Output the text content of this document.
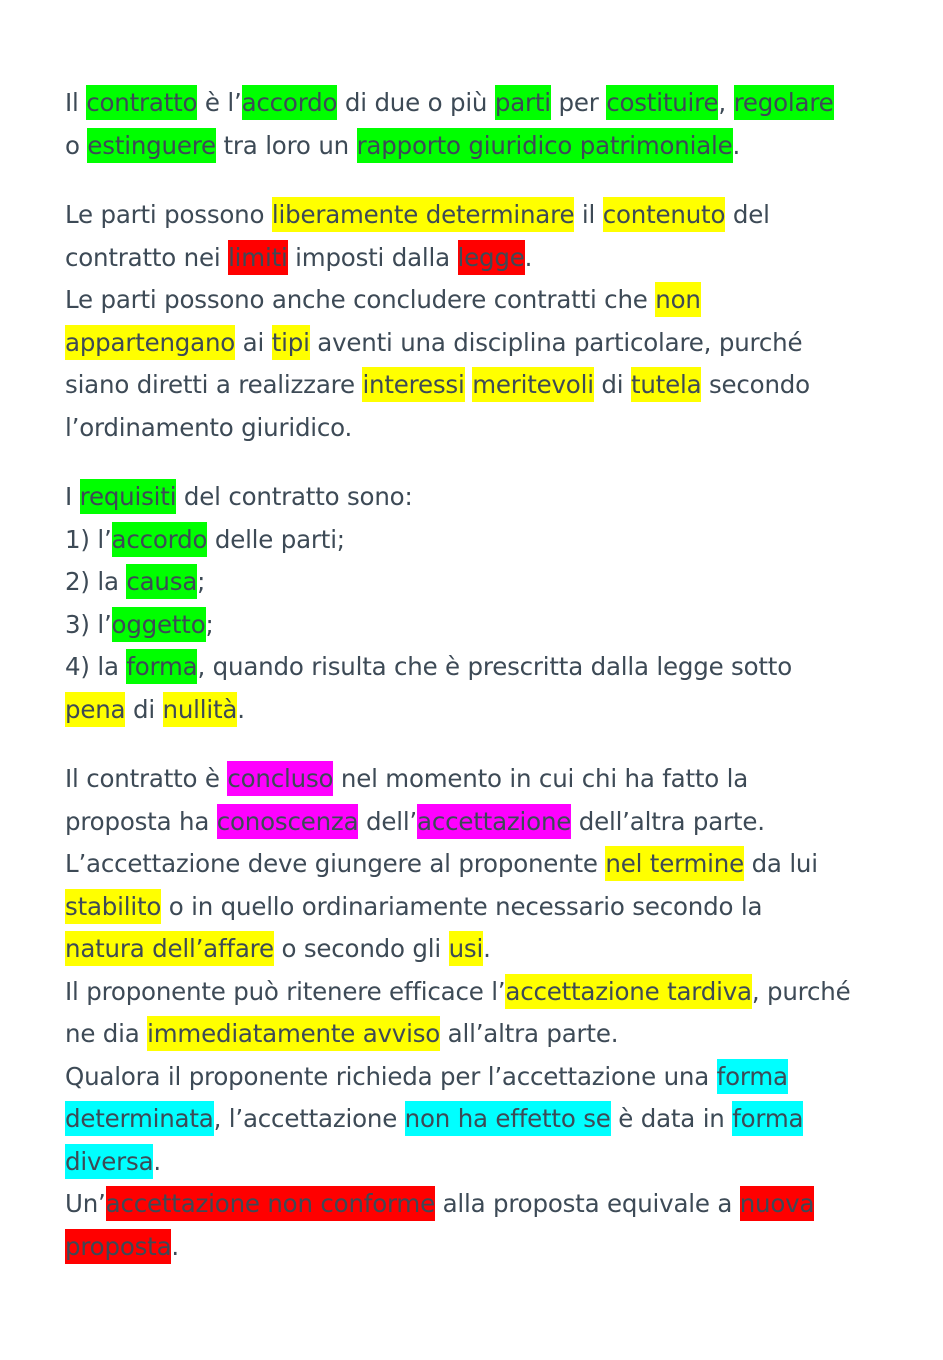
Il contratto è l’accordo di due o più parti per costituire, regolare
o estinguere tra loro un rapporto giuridico patrimoniale.
Le parti possono liberamente determinare il contenuto del
contratto nei limiti imposti dalla legge.
Le parti possono anche concludere contratti che non
appartengano ai tipi aventi una disciplina particolare, purché
siano diretti a realizzare interessi meritevoli di tutela secondo
l’ordinamento giuridico.
I requisiti del contratto sono:
1) l’accordo delle parti;
2) la causa;
3) l’oggetto;
4) la forma, quando risulta che è prescritta dalla legge sotto
pena di nullità.
Il contratto è concluso nel momento in cui chi ha fatto la
proposta ha conoscenza dell’accettazione dell’altra parte.
L’accettazione deve giungere al proponente nel termine da lui
stabilito o in quello ordinariamente necessario secondo la
natura dell’affare o secondo gli usi.
Il proponente può ritenere efficace l’accettazione tardiva, purché
ne dia immediatamente avviso all’altra parte.
Qualora il proponente richieda per l’accettazione una forma
determinata, l’accettazione non ha effetto se è data in forma
diversa.
Un’accettazione non conforme alla proposta equivale a nuova
proposta.
